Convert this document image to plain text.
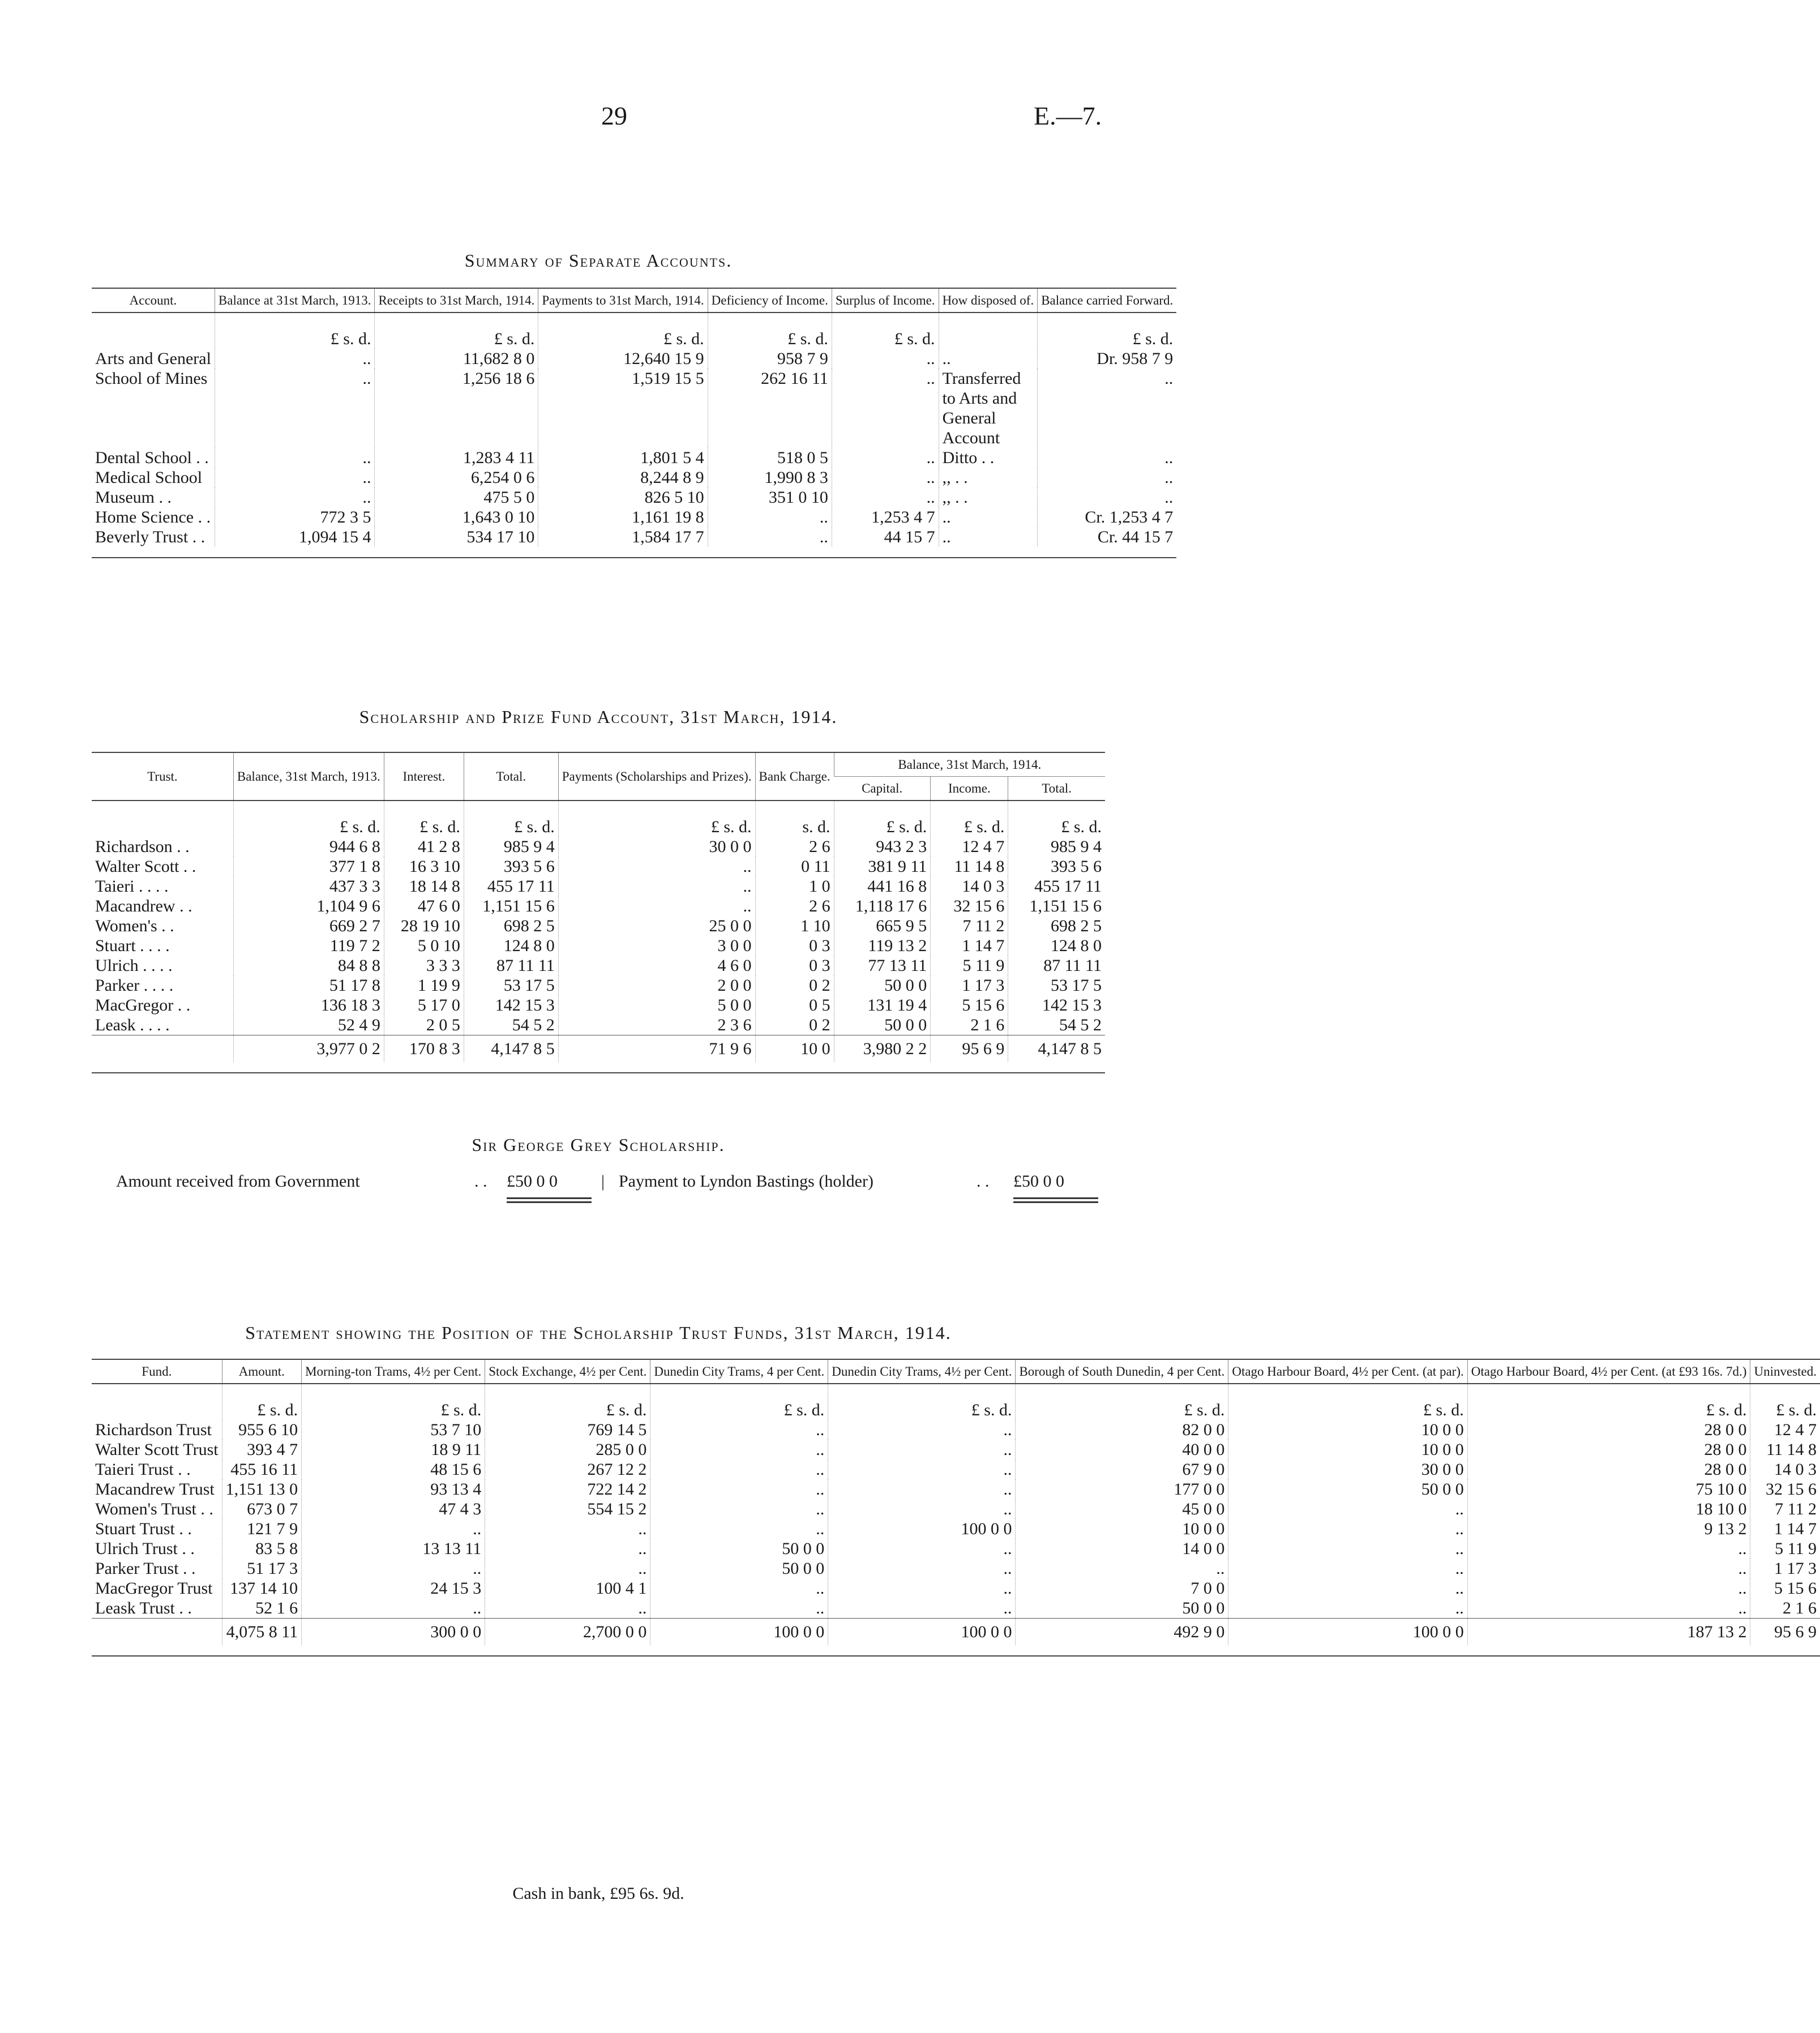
29	E.—7.
Summary of Separate Accounts.
Account.	Balance at 31st March, 1913.	Receipts to 31st March, 1914.	Payments to 31st March, 1914.	Deficiency of Income.	Surplus of Income.	How disposed of.	Balance carried Forward.
	£ s. d.	£ s. d.	£ s. d.	£ s. d.	£ s. d.		£ s. d.
Arts and General	..	11,682 8 0	12,640 15 9	958 7 9	..	..	Dr. 958 7 9
School of Mines	..	1,256 18 6	1,519 15 5	262 16 11	..	Transferred to Arts and General Account	..
Dental School . .	..	1,283 4 11	1,801 5 4	518 0 5	..	Ditto . .	..
Medical School	..	6,254 0 6	8,244 8 9	1,990 8 3	..	,, . .	..
Museum . .	..	475 5 0	826 5 10	351 0 10	..	,, . .	..
Home Science . .	772 3 5	1,643 0 10	1,161 19 8	..	1,253 4 7	..	Cr. 1,253 4 7
Beverly Trust . .	1,094 15 4	534 17 10	1,584 17 7	..	44 15 7	..	Cr. 44 15 7

Scholarship and Prize Fund Account, 31st March, 1914.
Trust.	Balance, 31st March, 1913.	Interest.	Total.	Payments (Scholarships and Prizes).	Bank Charge.	Balance, 31st March, 1914.		
						Capital.	Income.	Total.
	£ s. d.	£ s. d.	£ s. d.	£ s. d.	s. d.	£ s. d.	£ s. d.	£ s. d.
Richardson . .	944 6 8	41 2 8	985 9 4	30 0 0	2 6	943 2 3	12 4 7	985 9 4
Walter Scott . .	377 1 8	16 3 10	393 5 6	..	0 11	381 9 11	11 14 8	393 5 6
Taieri . . . .	437 3 3	18 14 8	455 17 11	..	1 0	441 16 8	14 0 3	455 17 11
Macandrew . .	1,104 9 6	47 6 0	1,151 15 6	..	2 6	1,118 17 6	32 15 6	1,151 15 6
Women's . .	669 2 7	28 19 10	698 2 5	25 0 0	1 10	665 9 5	7 11 2	698 2 5
Stuart . . . .	119 7 2	5 0 10	124 8 0	3 0 0	0 3	119 13 2	1 14 7	124 8 0
Ulrich . . . .	84 8 8	3 3 3	87 11 11	4 6 0	0 3	77 13 11	5 11 9	87 11 11
Parker . . . .	51 17 8	1 19 9	53 17 5	2 0 0	0 2	50 0 0	1 17 3	53 17 5
MacGregor . .	136 18 3	5 17 0	142 15 3	5 0 0	0 5	131 19 4	5 15 6	142 15 3
Leask . . . .	52 4 9	2 0 5	54 5 2	2 3 6	0 2	50 0 0	2 1 6	54 5 2
	3,977 0 2	170 8 3	4,147 8 5	71 9 6	10 0	3,980 2 2	95 6 9	4,147 8 5

Sir George Grey Scholarship.
Amount received from Government	. . £50 0 0	| Payment to Lyndon Bastings (holder)	. . £50 0 0
Statement showing the Position of the Scholarship Trust Funds, 31st March, 1914.
Fund.	Amount.	Morning-ton Trams, 4½ per Cent.	Stock Exchange, 4½ per Cent.	Dunedin City Trams, 4 per Cent.	Dunedin City Trams, 4½ per Cent.	Borough of South Dunedin, 4 per Cent.	Otago Harbour Board, 4½ per Cent. (at par).	Otago Harbour Board, 4½ per Cent. (at £93 16s. 7d.)	Uninvested.
	£ s. d.	£ s. d.	£ s. d.	£ s. d.	£ s. d.	£ s. d.	£ s. d.	£ s. d.	£ s. d.
Richardson Trust	955 6 10	53 7 10	769 14 5	..	..	82 0 0	10 0 0	28 0 0	12 4 7
Walter Scott Trust	393 4 7	18 9 11	285 0 0	..	..	40 0 0	10 0 0	28 0 0	11 14 8
Taieri Trust . .	455 16 11	48 15 6	267 12 2	..	..	67 9 0	30 0 0	28 0 0	14 0 3
Macandrew Trust	1,151 13 0	93 13 4	722 14 2	..	..	177 0 0	50 0 0	75 10 0	32 15 6
Women's Trust . .	673 0 7	47 4 3	554 15 2	..	..	45 0 0	..	18 10 0	7 11 2
Stuart Trust . .	121 7 9	..	..	..	100 0 0	10 0 0	..	9 13 2	1 14 7
Ulrich Trust . .	83 5 8	13 13 11	..	50 0 0	..	14 0 0	..	..	5 11 9
Parker Trust . .	51 17 3	..	..	50 0 0	..	..	..	..	1 17 3
MacGregor Trust	137 14 10	24 15 3	100 4 1	..	..	7 0 0	..	..	5 15 6
Leask Trust . .	52 1 6	..	..	..	..	50 0 0	..	..	2 1 6
	4,075 8 11	300 0 0	2,700 0 0	100 0 0	100 0 0	492 9 0	100 0 0	187 13 2	95 6 9

Cash in bank, £95 6s. 9d.
